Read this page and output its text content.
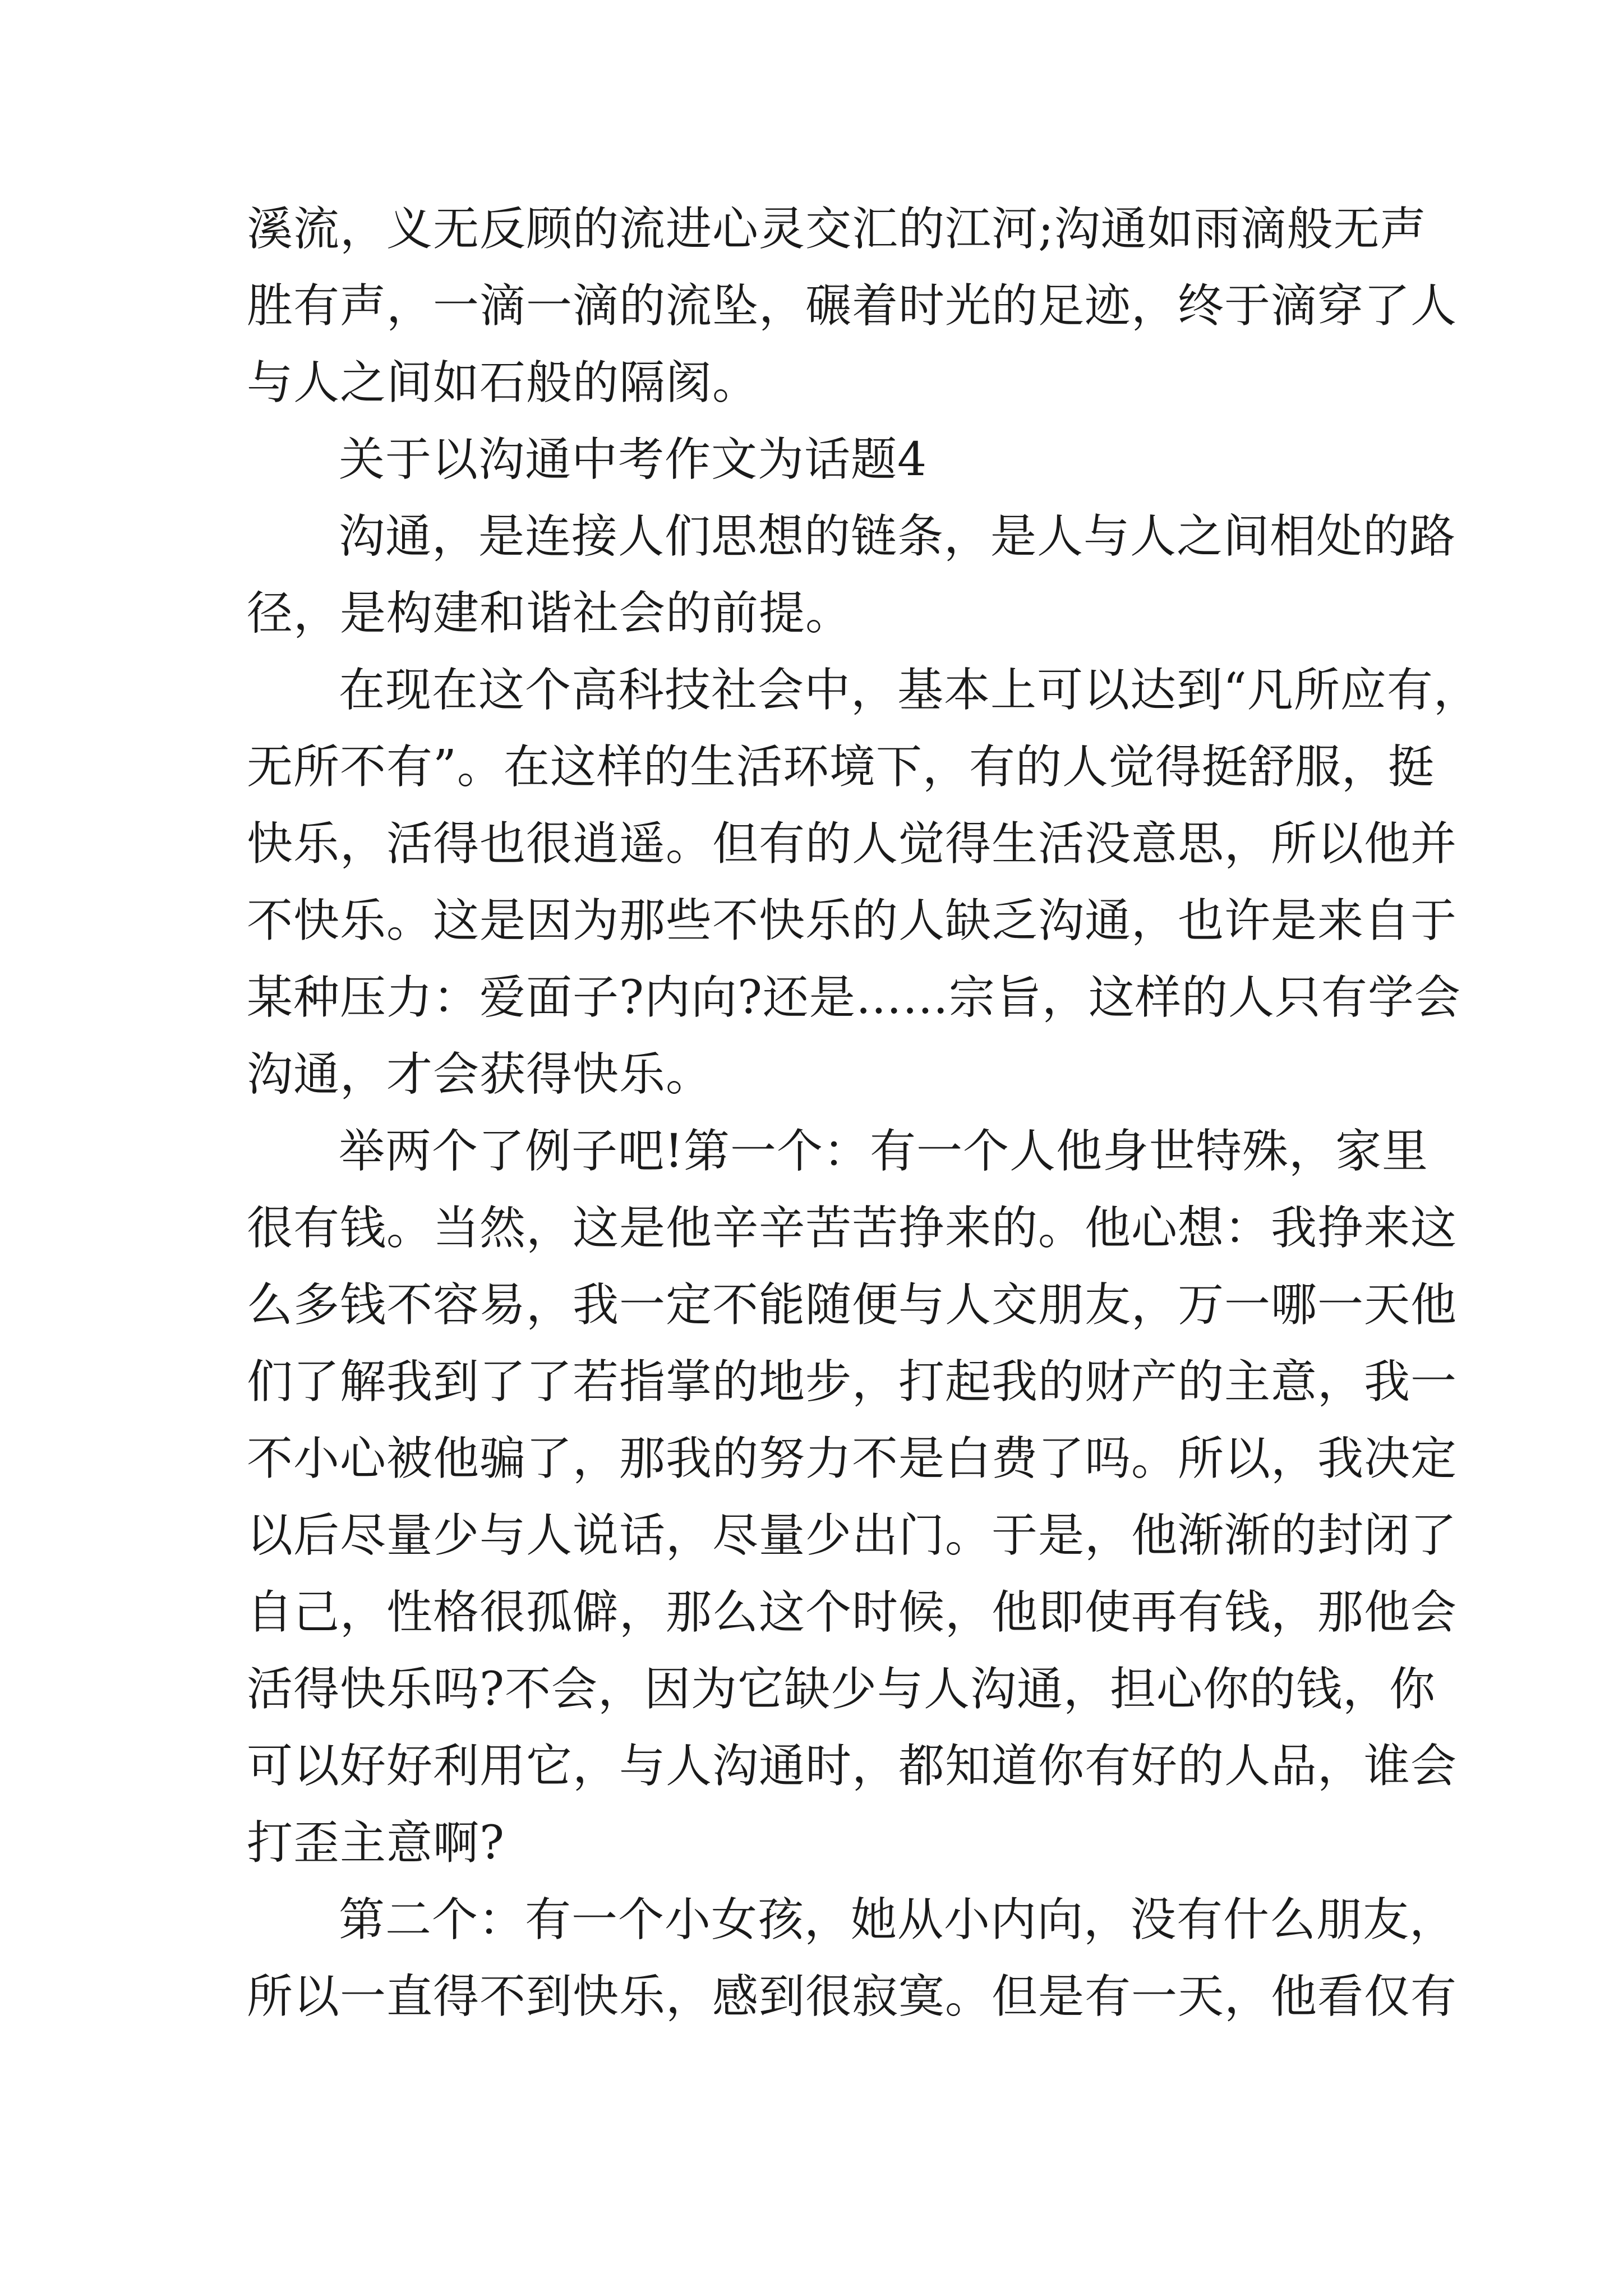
溪流，义无反顾的流进心灵交汇的江河;沟通如雨滴般无声
胜有声，一滴一滴的流坠，碾着时光的足迹，终于滴穿了人
与人之间如石般的隔阂。
关于以沟通中考作文为话题4
沟通，是连接人们思想的链条，是人与人之间相处的路
径，是构建和谐社会的前提。
在现在这个高科技社会中，基本上可以达到“凡所应有，
无所不有”。在这样的生活环境下，有的人觉得挺舒服，挺
快乐，活得也很逍遥。但有的人觉得生活没意思，所以他并
不快乐。这是因为那些不快乐的人缺乏沟通，也许是来自于
某种压力：爱面子?内向?还是……宗旨，这样的人只有学会
沟通，才会获得快乐。
举两个了例子吧!第一个：有一个人他身世特殊，家里
很有钱。当然，这是他辛辛苦苦挣来的。他心想：我挣来这
么多钱不容易，我一定不能随便与人交朋友，万一哪一天他
们了解我到了了若指掌的地步，打起我的财产的主意，我一
不小心被他骗了，那我的努力不是白费了吗。所以，我决定
以后尽量少与人说话，尽量少出门。于是，他渐渐的封闭了
自己，性格很孤僻，那么这个时候，他即使再有钱，那他会
活得快乐吗?不会，因为它缺少与人沟通，担心你的钱，你
可以好好利用它，与人沟通时，都知道你有好的人品，谁会
打歪主意啊?
第二个：有一个小女孩，她从小内向，没有什么朋友，
所以一直得不到快乐，感到很寂寞。但是有一天，他看仅有
